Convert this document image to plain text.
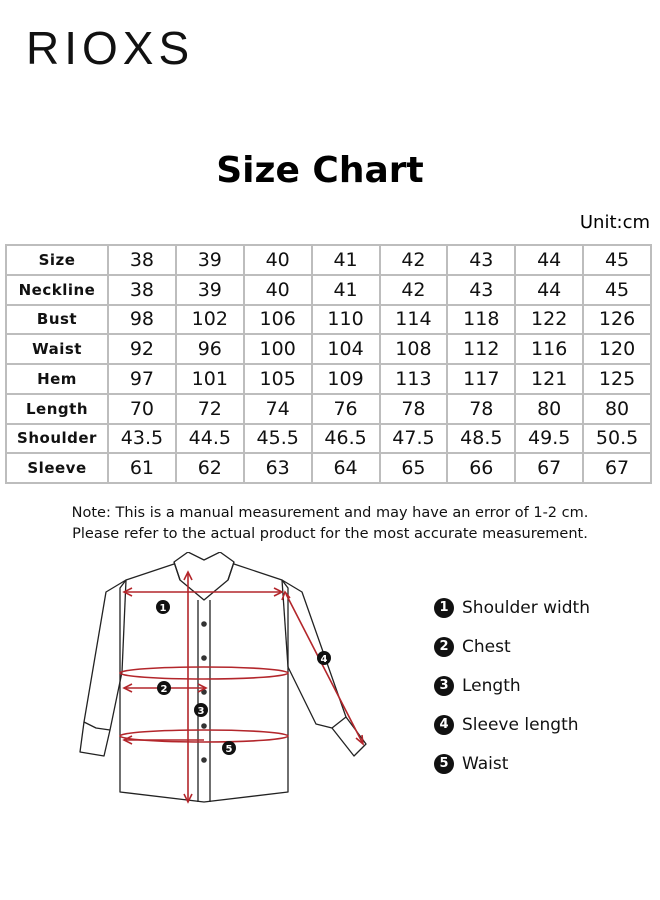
RIOXS
Size Chart
Unit:cm
Size	38	39	40	41	42	43	44	45
Neckline	38	39	40	41	42	43	44	45
Bust	98	102	106	110	114	118	122	126
Waist	92	96	100	104	108	112	116	120
Hem	97	101	105	109	113	117	121	125
Length	70	72	74	76	78	78	80	80
Shoulder	43.5	44.5	45.5	46.5	47.5	48.5	49.5	50.5
Sleeve	61	62	63	64	65	66	67	67
Note: This is a manual measurement and may have an error of 1-2 cm.
Please refer to the actual product for the most accurate measurement.
1
2
3
4
5
1 Shoulder width
2 Chest
3 Length
4 Sleeve length
5 Waist
